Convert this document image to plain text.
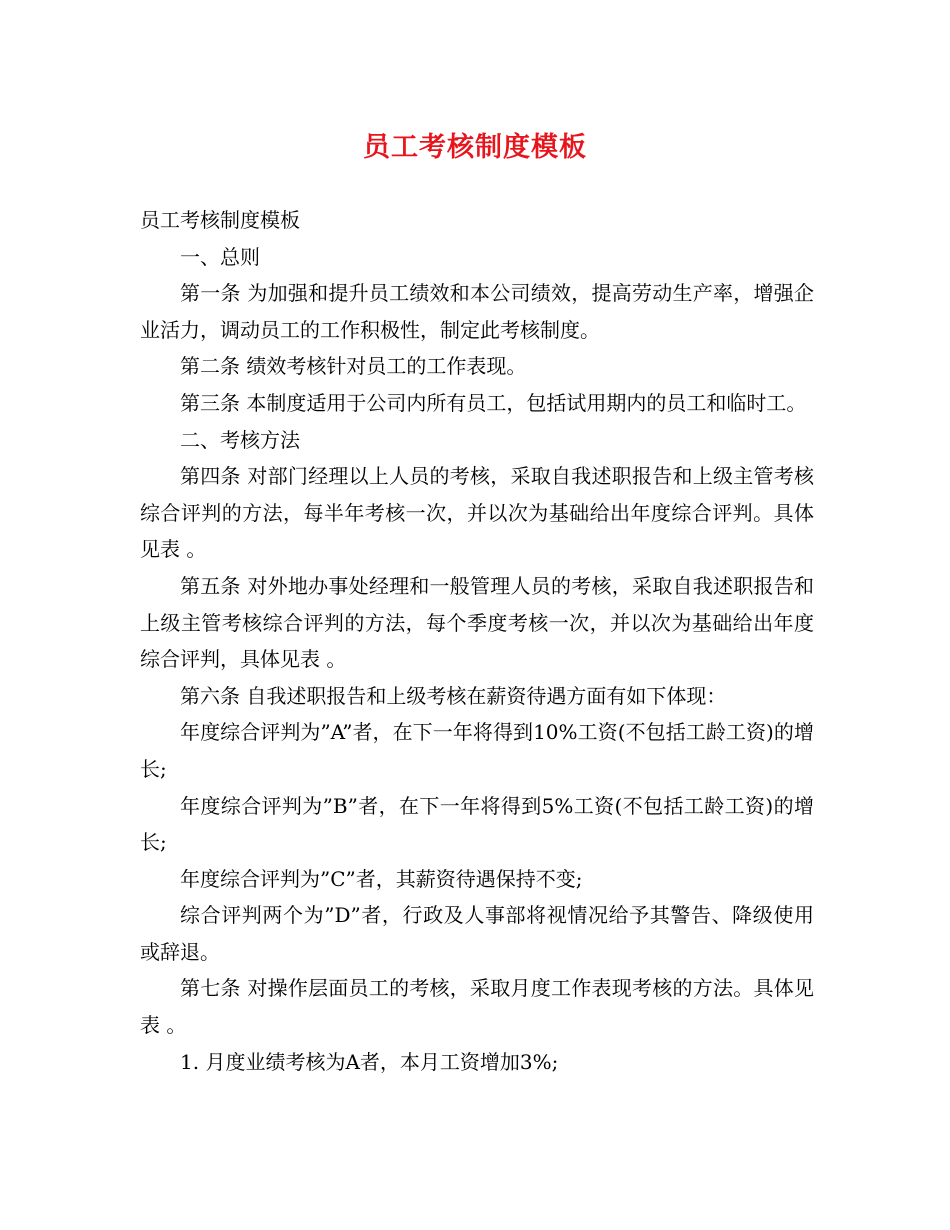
员工考核制度模板

员工考核制度模板

一、总则

第一条 为加强和提升员工绩效和本公司绩效，提高劳动生产率，增强企业活力，调动员工的工作积极性，制定此考核制度。

第二条 绩效考核针对员工的工作表现。

第三条 本制度适用于公司内所有员工，包括试用期内的员工和临时工。

二、考核方法

第四条 对部门经理以上人员的考核，采取自我述职报告和上级主管考核综合评判的方法，每半年考核一次，并以次为基础给出年度综合评判。具体见表 。

第五条 对外地办事处经理和一般管理人员的考核，采取自我述职报告和上级主管考核综合评判的方法，每个季度考核一次，并以次为基础给出年度综合评判，具体见表 。

第六条 自我述职报告和上级考核在薪资待遇方面有如下体现：

年度综合评判为”A”者，在下一年将得到10%工资(不包括工龄工资)的增长;

年度综合评判为”B”者，在下一年将得到5%工资(不包括工龄工资)的增长;

年度综合评判为”C”者，其薪资待遇保持不变;

综合评判两个为”D”者，行政及人事部将视情况给予其警告、降级使用或辞退。

第七条 对操作层面员工的考核，采取月度工作表现考核的方法。具体见表 。

1. 月度业绩考核为A者，本月工资增加3%;
